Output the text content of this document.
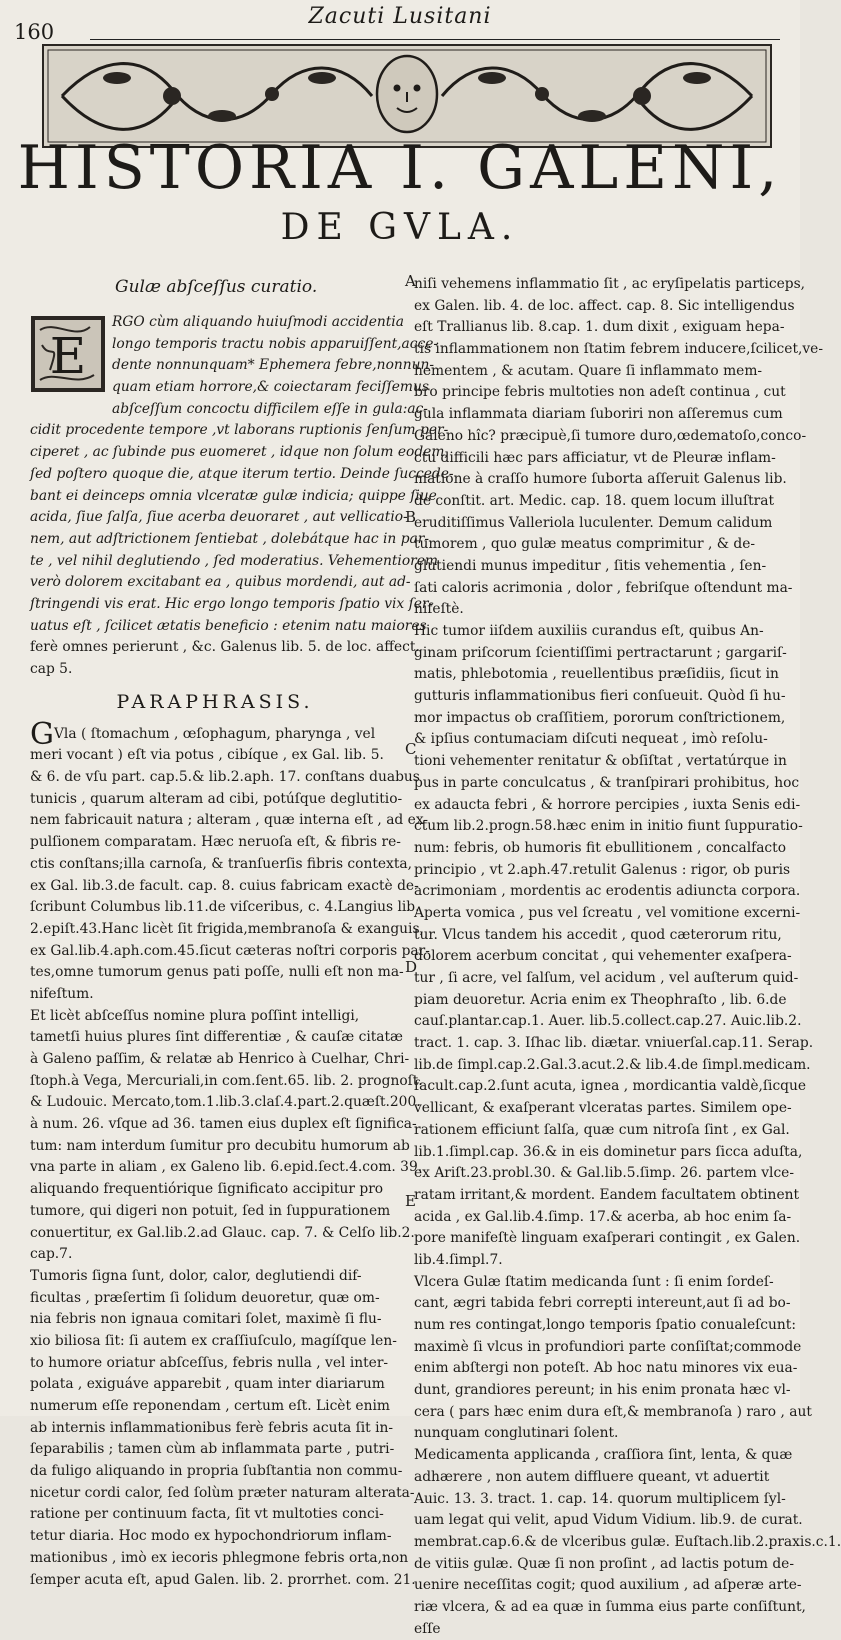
160
Zacuti Lusitani
HISTORIA I. GALENI,
DE GVLA.
Gulæ abſceſſus curatio.
E
RGO cùm aliquando huiuſmodi accidentia
longo temporis tractu nobis apparuiſſent,acce-
dente nonnunquam* Ephemera febre,nonnun-
quam etiam horrore,& coiectaram feciſſemus
abſceſſum concoctu difficilem eſſe in gula:ac-
cidit procedente tempore ,vt laborans ruptionis ſenſum per-
ciperet , ac ſubinde pus euomeret , idque non ſolum eodem,
ſed poſtero quoque die, atque iterum tertio. Deinde ſuccede-
bant ei deinceps omnia vlceratæ gulæ indicia; quippe ſiue
acida, ſiue ſalſa, ſiue acerba deuoraret , aut vellicatio-
nem, aut adſtrictionem ſentiebat , dolebátque hac in par-
te , vel nihil deglutiendo , ſed moderatius. Vehementiorem
verò dolorem excitabant ea , quibus mordendi, aut ad-
ſtringendi vis erat. Hic ergo longo temporis ſpatio vix ſer-
uatus eſt , ſcilicet ætatis beneficio : etenim natu maiores
ferè omnes perierunt , &c. Galenus lib. 5. de loc. affect.
cap 5.
PARAPHRASIS.
GVla ( ſtomachum , œſophagum, pharynga , vel
meri vocant ) eſt via potus , cibíque , ex Gal. lib. 5.
& 6. de vſu part. cap.5.& lib.2.aph. 17. conſtans duabus
tunicis , quarum alteram ad cibi, potúſque deglutitio-
nem fabricauit natura ; alteram , quæ interna eſt , ad ex-
pulſionem comparatam. Hæc neruoſa eſt, & fibris re-
ctis conſtans;illa carnoſa, & tranſuerſis fibris contexta,
ex Gal. lib.3.de facult. cap. 8. cuius fabricam exactè de-
ſcribunt Columbus lib.11.de viſceribus, c. 4.Langius lib.
2.epiſt.43.Hanc licèt ſit frigida,membranoſa & exanguis,
ex Gal.lib.4.aph.com.45.ſicut cæteras noſtri corporis par-
tes,omne tumorum genus pati poſſe, nulli eſt non ma-
nifeſtum.
Et licèt abſceſſus nomine plura poſſint intelligi,
tametſi huius plures ſint differentiæ , & cauſæ citatæ
à Galeno paſſim, & relatæ ab Henrico à Cuelhar, Chri-
ſtoph.à Vega, Mercuriali,in com.ſent.65. lib. 2. prognoſt.
& Ludouic. Mercato,tom.1.lib.3.claſ.4.part.2.quæſt.200.
à num. 26. vſque ad 36. tamen eius duplex eſt ſignifica-
tum: nam interdum ſumitur pro decubitu humorum ab
vna parte in aliam , ex Galeno lib. 6.epid.ſect.4.com. 39.
aliquando frequentiórique ſignificato accipitur pro
tumore, qui digeri non potuit, ſed in ſuppurationem
conuertitur, ex Gal.lib.2.ad Glauc. cap. 7. & Celſo lib.2.
cap.7.
Tumoris ſigna ſunt, dolor, calor, deglutiendi dif-
ficultas , præſertim ſi ſolidum deuoretur, quæ om-
nia febris non ignaua comitari ſolet, maximè ſi flu-
xio biliosa ſit: ſi autem ex craſſiuſculo, magíſque len-
to humore oriatur abſceſſus, febris nulla , vel inter-
polata , exiguáve apparebit , quam inter diariarum
numerum eſſe reponendam , certum eſt. Licèt enim
ab internis inflammationibus ferè febris acuta ſit in-
ſeparabilis ; tamen cùm ab inflammata parte , putri-
da fuligo aliquando in propria ſubſtantia non commu-
nicetur cordi calor, ſed ſolùm præter naturam alterata-
ratione per continuum facta, ſit vt multoties conci-
tetur diaria. Hoc modo ex hypochondriorum inflam-
mationibus , imò ex iecoris phlegmone febris orta,non
ſemper acuta eſt, apud Galen. lib. 2. prorrhet. com. 21.
A
B
C
D
E
niſi vehemens inflammatio ſit , ac eryſipelatis particeps,
ex Galen. lib. 4. de loc. affect. cap. 8. Sic intelligendus
eſt Trallianus lib. 8.cap. 1. dum dixit , exiguam hepa-
tis inflammationem non ſtatim febrem inducere,ſcilicet,ve-
hementem , & acutam. Quare ſi inflammato mem-
bro principe febris multoties non adeſt continua , cut
gula inflammata diariam ſuboriri non aſſeremus cum
Galeno hîc? præcipuè,ſi tumore duro,œdematoſo,conco-
ctu difficili hæc pars afficiatur, vt de Pleuræ inflam-
matione à craſſo humore ſuborta aſſeruit Galenus lib.
de conſtit. art. Medic. cap. 18. quem locum illuſtrat
eruditiſſimus Valleriola luculenter. Demum calidum
tumorem , quo gulæ meatus comprimitur , & de-
glutiendi munus impeditur , ſitis vehementia , ſen-
ſati caloris acrimonia , dolor , febriſque oſtendunt ma-
nifeſtè.
Hic tumor iiſdem auxiliis curandus eſt, quibus An-
ginam priſcorum ſcientiſſimi pertractarunt ; gargariſ-
matis, phlebotomia , reuellentibus præſidiis, ſicut in
gutturis inflammationibus fieri conſueuit. Quòd ſi hu-
mor impactus ob craſſitiem, pororum conſtrictionem,
& ipſius contumaciam diſcuti nequeat , imò reſolu-
tioni vehementer renitatur & obſiſtat , vertatúrque in
pus in parte conculcatus , & tranſpirari prohibitus, hoc
ex adaucta febri , & horrore percipies , iuxta Senis edi-
ctum lib.2.progn.58.hæc enim in initio fiunt ſuppuratio-
num: febris, ob humoris fit ebullitionem , concalfacto
principio , vt 2.aph.47.retulit Galenus : rigor, ob puris
acrimoniam , mordentis ac erodentis adiuncta corpora.
Aperta vomica , pus vel ſcreatu , vel vomitione excerni-
tur. Vlcus tandem his accedit , quod cæterorum ritu,
dolorem acerbum concitat , qui vehementer exaſpera-
tur , ſi acre, vel ſalſum, vel acidum , vel auſterum quid-
piam deuoretur. Acria enim ex Theophraſto , lib. 6.de
cauſ.plantar.cap.1. Auer. lib.5.collect.cap.27. Auic.lib.2.
tract. 1. cap. 3. Iſhac lib. diætar. vniuerſal.cap.11. Serap.
lib.de ſimpl.cap.2.Gal.3.acut.2.& lib.4.de ſimpl.medicam.
facult.cap.2.ſunt acuta, ignea , mordicantia valdè,ſicque
vellicant, & exaſperant vlceratas partes. Similem ope-
rationem efficiunt ſalſa, quæ cum nitroſa ſint , ex Gal.
lib.1.ſimpl.cap. 36.& in eis dominetur pars ſicca aduſta,
ex Ariſt.23.probl.30. & Gal.lib.5.ſimp. 26. partem vlce-
ratam irritant,& mordent. Eandem facultatem obtinent
acida , ex Gal.lib.4.ſimp. 17.& acerba, ab hoc enim ſa-
pore manifeſtè linguam exaſperari contingit , ex Galen.
lib.4.ſimpl.7.
Vlcera Gulæ ſtatim medicanda ſunt : ſi enim ſordeſ-
cant, ægri tabida febri correpti intereunt,aut ſi ad bo-
num res contingat,longo temporis ſpatio conualeſcunt:
maximè ſi vlcus in profundiori parte conſiſtat;commode
enim abſtergi non poteſt. Ab hoc natu minores vix eua-
dunt, grandiores pereunt; in his enim pronata hæc vl-
cera ( pars hæc enim dura eſt,& membranoſa ) raro , aut
nunquam conglutinari ſolent.
Medicamenta applicanda , craſſiora ſint, lenta, & quæ
adhærere , non autem diffluere queant, vt aduertit
Auic. 13. 3. tract. 1. cap. 14. quorum multiplicem ſyl-
uam legat qui velit, apud Vidum Vidium. lib.9. de curat.
membrat.cap.6.& de vlceribus gulæ. Euſtach.lib.2.praxis.c.1.
de vitiis gulæ. Quæ ſi non proſint , ad lactis potum de-
uenire neceſſitas cogit; quod auxilium , ad aſperæ arte-
riæ vlcera, & ad ea quæ in ſumma eius parte conſiſtunt,
eſſe
